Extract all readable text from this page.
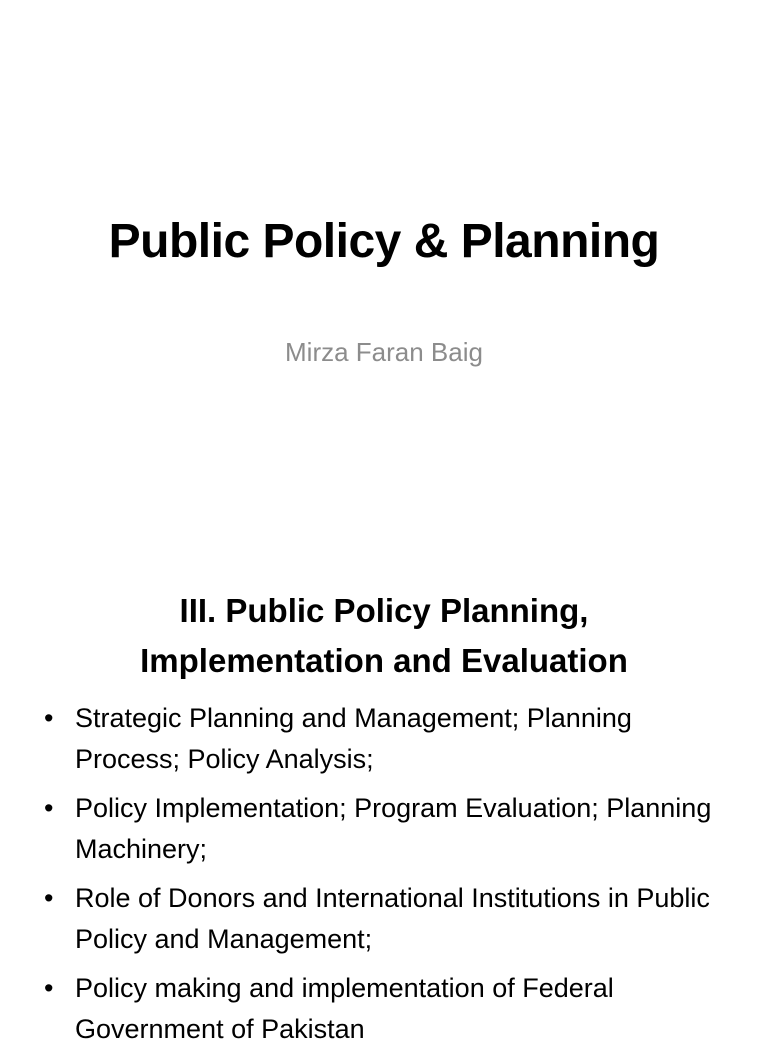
Public Policy & Planning

Mirza Faran Baig

III. Public Policy Planning,
Implementation and Evaluation
• Strategic Planning and Management; Planning Process; Policy Analysis;
• Policy Implementation; Program Evaluation; Planning Machinery;
• Role of Donors and International Institutions in Public Policy and Management;
• Policy making and implementation of Federal Government of Pakistan
